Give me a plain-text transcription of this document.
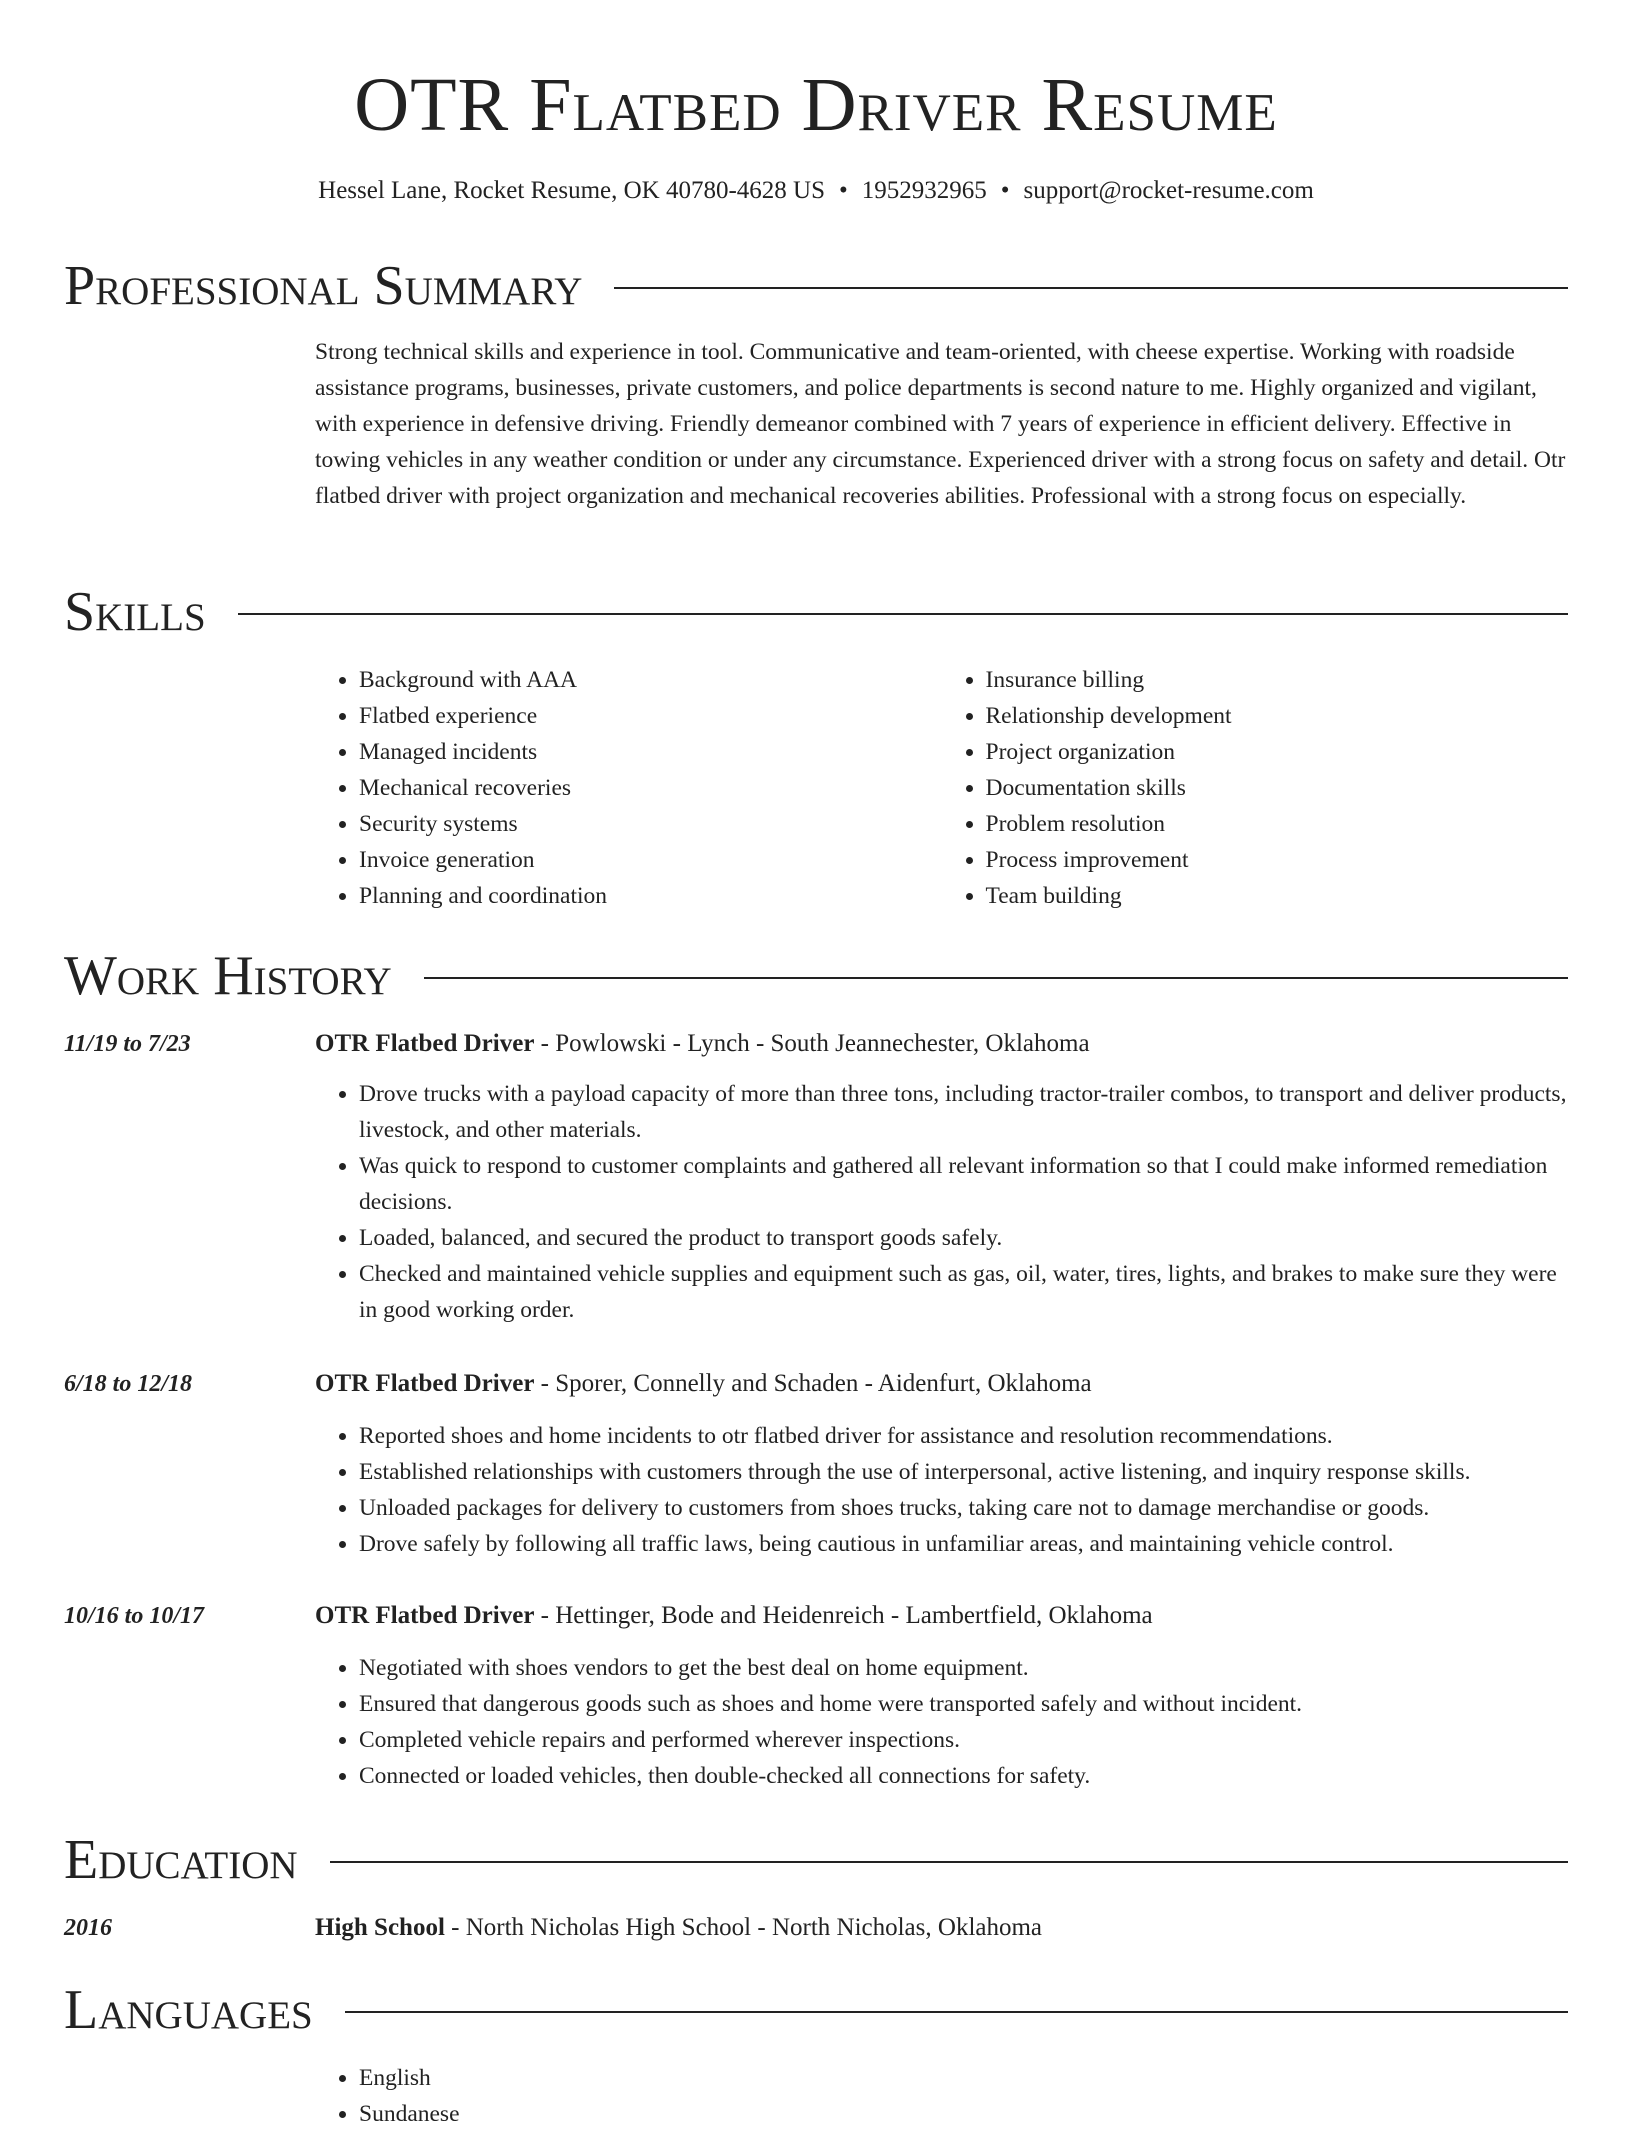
OTR Flatbed Driver Resume
Hessel Lane, Rocket Resume, OK 40780-4628 US • 1952932965 • support@rocket-resume.com
Professional Summary

Strong technical skills and experience in tool. Communicative and team-oriented, with cheese expertise. Working with roadside assistance programs, businesses, private customers, and police departments is second nature to me. Highly organized and vigilant, with experience in defensive driving. Friendly demeanor combined with 7 years of experience in efficient delivery. Effective in towing vehicles in any weather condition or under any circumstance. Experienced driver with a strong focus on safety and detail. Otr flatbed driver with project organization and mechanical recoveries abilities. Professional with a strong focus on especially.

Skills
• Background with AAA
• Flatbed experience
• Managed incidents
• Mechanical recoveries
• Security systems
• Invoice generation
• Planning and coordination
• Insurance billing
• Relationship development
• Project organization
• Documentation skills
• Problem resolution
• Process improvement
• Team building
Work History
11/19 to 7/23	OTR Flatbed Driver - Powlowski - Lynch - South Jeannechester, Oklahoma
• Drove trucks with a payload capacity of more than three tons, including tractor-trailer combos, to transport and deliver products, livestock, and other materials.
• Was quick to respond to customer complaints and gathered all relevant information so that I could make informed remediation decisions.
• Loaded, balanced, and secured the product to transport goods safely.
• Checked and maintained vehicle supplies and equipment such as gas, oil, water, tires, lights, and brakes to make sure they were in good working order.
6/18 to 12/18	OTR Flatbed Driver - Sporer, Connelly and Schaden - Aidenfurt, Oklahoma
• Reported shoes and home incidents to otr flatbed driver for assistance and resolution recommendations.
• Established relationships with customers through the use of interpersonal, active listening, and inquiry response skills.
• Unloaded packages for delivery to customers from shoes trucks, taking care not to damage merchandise or goods.
• Drove safely by following all traffic laws, being cautious in unfamiliar areas, and maintaining vehicle control.
10/16 to 10/17	OTR Flatbed Driver - Hettinger, Bode and Heidenreich - Lambertfield, Oklahoma
• Negotiated with shoes vendors to get the best deal on home equipment.
• Ensured that dangerous goods such as shoes and home were transported safely and without incident.
• Completed vehicle repairs and performed wherever inspections.
• Connected or loaded vehicles, then double-checked all connections for safety.
Education
2016	High School - North Nicholas High School - North Nicholas, Oklahoma
Languages
• English
• Sundanese
